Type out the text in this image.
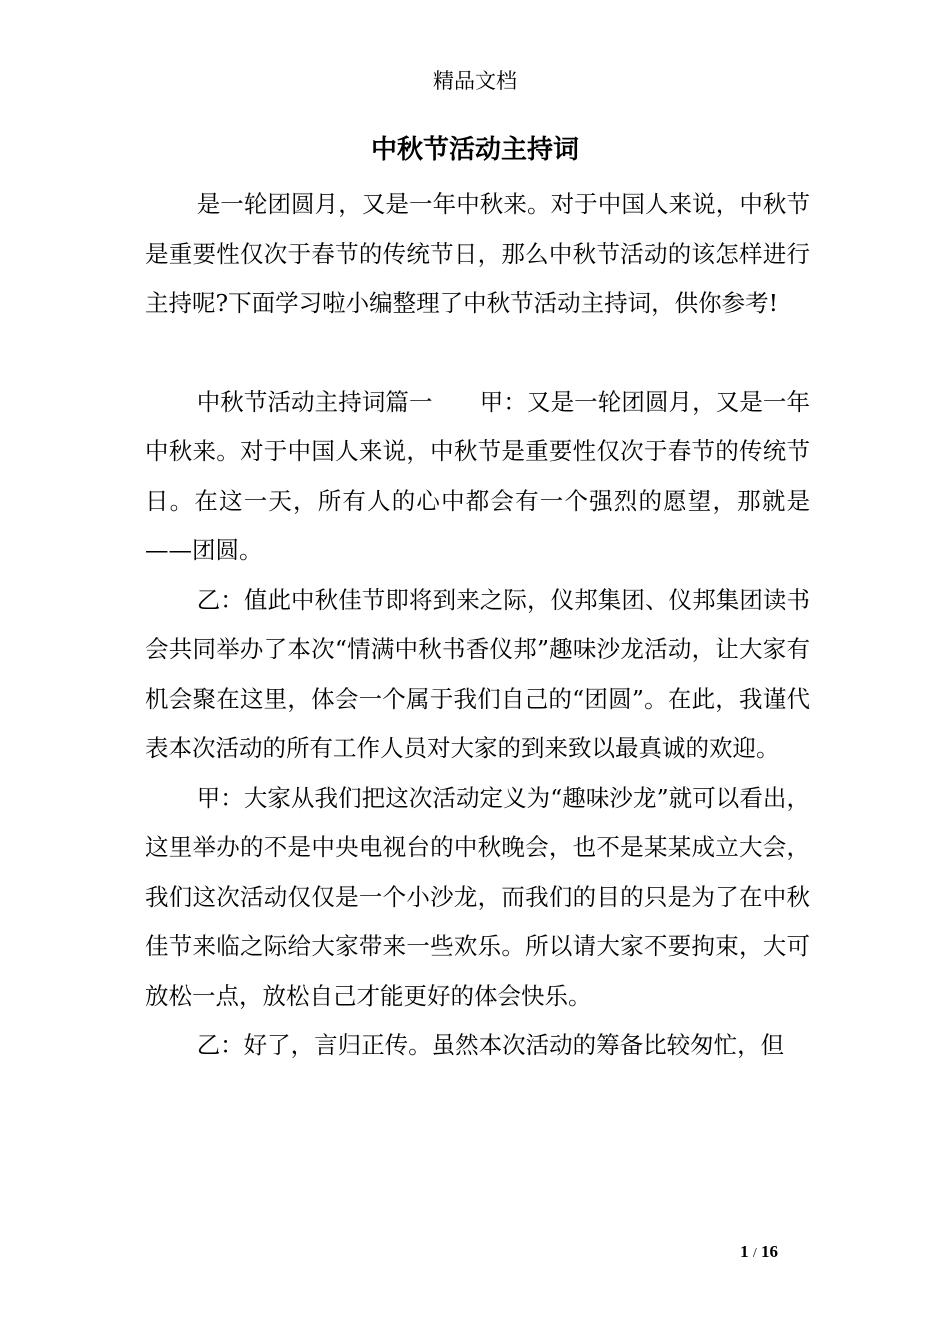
精品文档
中秋节活动主持词

是一轮团圆月，又是一年中秋来。对于中国人来说，中秋节是重要性仅次于春节的传统节日，那么中秋节活动的该怎样进行主持呢?下面学习啦小编整理了中秋节活动主持词，供你参考!

中秋节活动主持词篇一　　甲：又是一轮团圆月，又是一年中秋来。对于中国人来说，中秋节是重要性仅次于春节的传统节日。在这一天，所有人的心中都会有一个强烈的愿望，那就是——团圆。

乙：值此中秋佳节即将到来之际，仪邦集团、仪邦集团读书会共同举办了本次“情满中秋书香仪邦”趣味沙龙活动，让大家有机会聚在这里，体会一个属于我们自己的“团圆”。在此，我谨代表本次活动的所有工作人员对大家的到来致以最真诚的欢迎。

甲：大家从我们把这次活动定义为“趣味沙龙”就可以看出，这里举办的不是中央电视台的中秋晚会，也不是某某成立大会，我们这次活动仅仅是一个小沙龙，而我们的目的只是为了在中秋佳节来临之际给大家带来一些欢乐。所以请大家不要拘束，大可放松一点，放松自己才能更好的体会快乐。

乙：好了，言归正传。虽然本次活动的筹备比较匆忙，但

1 / 16
